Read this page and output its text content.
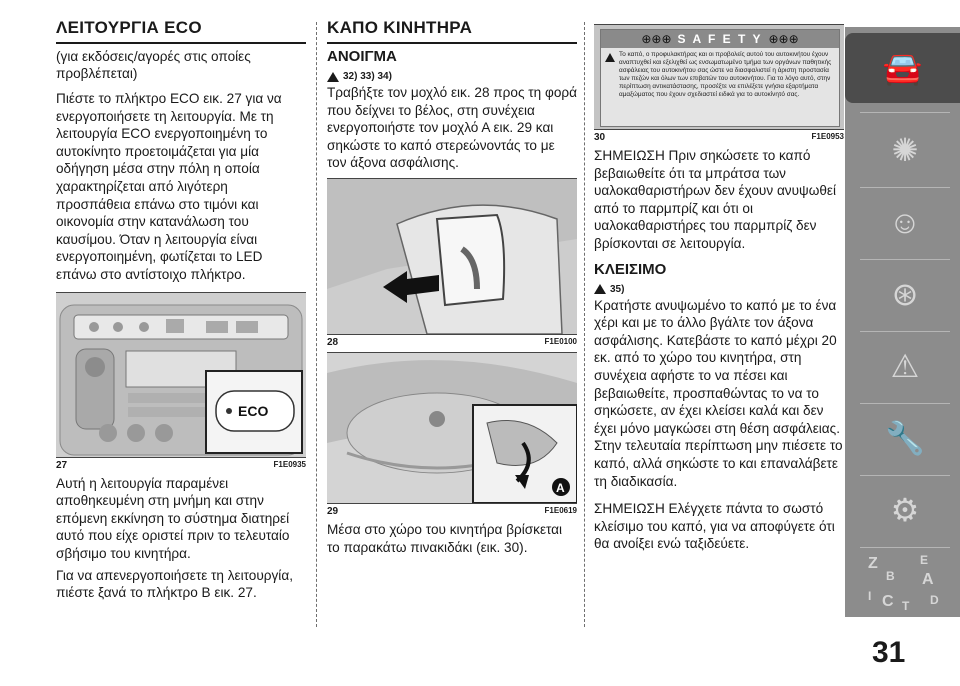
ΛΕΙΤΟΥΡΓΙΑ ECO

(για εκδόσεις/αγορές στις οποίες προβλέπεται)

Πιέστε το πλήκτρο ECO εικ. 27 για να ενεργοποιήσετε τη λειτουργία. Με τη λειτουργία ECO ενεργοποιημένη το αυτοκίνητο προετοιμάζεται για μία οδήγηση μέσα στην πόλη η οποία χαρακτηρίζεται από λιγότερη προσπάθεια επάνω στο τιμόνι και οικονομία στην κατανάλωση του καυσίμου. Όταν η λειτουργία είναι ενεργοποιημένη, φωτίζεται το LED επάνω στο αντίστοιχο πλήκτρο.

ECO
27	F1E0935

Αυτή η λειτουργία παραμένει αποθηκευμένη στη μνήμη και στην επόμενη εκκίνηση το σύστημα διατηρεί αυτό που είχε οριστεί πριν το τελευταίο σβήσιμο του κινητήρα.

Για να απενεργοποιήσετε τη λειτουργία, πιέστε ξανά το πλήκτρο Β εικ. 27.

ΚΑΠΟ ΚΙΝΗΤΗΡΑ
ΑΝΟΙΓΜΑ
32) 33) 34)

Τραβήξτε τον μοχλό εικ. 28 προς τη φορά που δείχνει το βέλος, στη συνέχεια ενεργοποιήστε τον μοχλό Α εικ. 29 και σηκώστε το καπό στερεώνοντάς το με τον άξονα ασφάλισης.

28	F1E0100
A
29	F1E0619

Μέσα στο χώρο του κινητήρα βρίσκεται το παρακάτω πινακιδάκι (εικ. 30).

⊕⊕⊕ S A F E T Y ⊕⊕⊕
Το καπό, ο προφυλακτήρας και οι προβολείς αυτού του αυτοκινήτου έχουν αναπτυχθεί και εξελιχθεί ως ενσωματωμένο τμήμα των οργάνων παθητικής ασφάλειας του αυτοκινήτου σας ώστε να διασφαλιστεί η άριστη προστασία των πεζών και όλων των επιβατών του αυτοκινήτου. Για το λόγο αυτό, στην περίπτωση αντικατάστασης, προσέξτε να επιλέξετε γνήσια εξαρτήματα αμαξώματος που έχουν σχεδιαστεί ειδικά για το αυτοκίνητό σας.
30	F1E0953

ΣΗΜΕΙΩΣΗ Πριν σηκώσετε το καπό βεβαιωθείτε ότι τα μπράτσα των υαλοκαθαριστήρων δεν έχουν ανυψωθεί από το παρμπρίζ και ότι οι υαλοκαθαριστήρες του παρμπρίζ δεν βρίσκονται σε λειτουργία.

ΚΛΕΙΣΙΜΟ
35)

Κρατήστε ανυψωμένο το καπό με το ένα χέρι και με το άλλο βγάλτε τον άξονα ασφάλισης. Κατεβάστε το καπό μέχρι 20 εκ. από το χώρο του κινητήρα, στη συνέχεια αφήστε το να πέσει και βεβαιωθείτε, προσπαθώντας το να το σηκώσετε, αν έχει κλείσει καλά και δεν έχει μόνο μαγκώσει στη θέση ασφάλειας. Στην τελευταία περίπτωση μην πιέσετε το καπό, αλλά σηκώστε το και επαναλάβετε τη διαδικασία.

ΣΗΜΕΙΩΣΗ Ελέγχετε πάντα το σωστό κλείσιμο του καπό, για να αποφύγετε ότι θα ανοίξει ενώ ταξιδεύετε.

🚘
✺
☺
⊛
⚠
🔧
⚙
Z	E
B A
C	D
I
T
31
